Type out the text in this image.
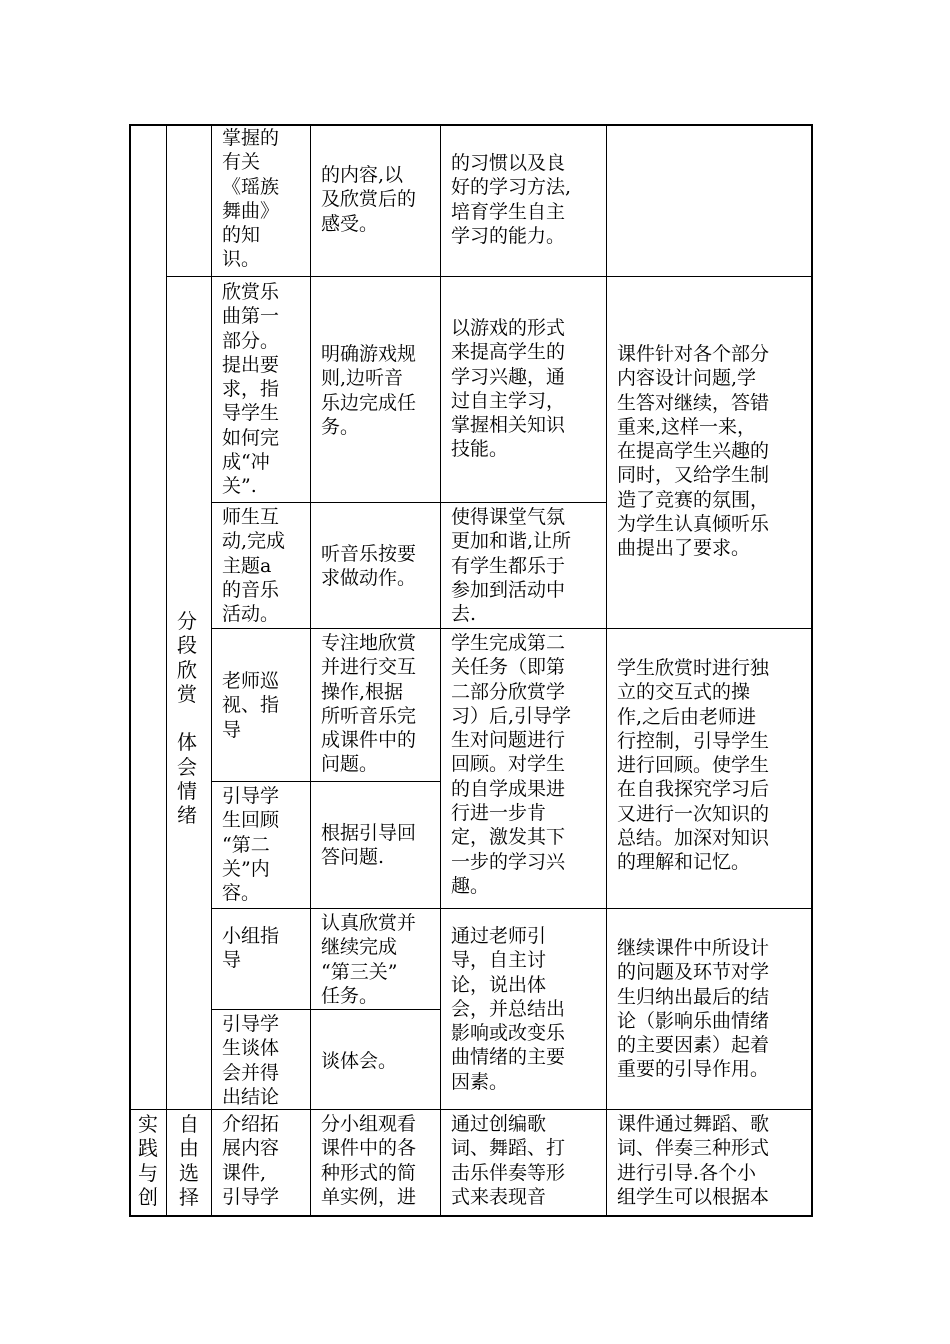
掌握的
有关
《瑶族
舞曲》
的知
识。
的内容,以
及欣赏后的
感受。
的习惯以及良
好的学习方法,
培育学生自主
学习的能力。
分
段
欣
赏

体
会
情
绪
欣赏乐
曲第一
部分。
提出要
求，指
导学生
如何完
成“冲
关”.
明确游戏规
则,边听音
乐边完成任
务。
以游戏的形式
来提高学生的
学习兴趣，通
过自主学习，
掌握相关知识
技能。
课件针对各个部分
内容设计问题,学
生答对继续，答错
重来,这样一来，
在提高学生兴趣的
同时，又给学生制
造了竞赛的氛围，
为学生认真倾听乐
曲提出了要求。
师生互
动,完成
主题a
的音乐
活动。
听音乐按要
求做动作。
使得课堂气氛
更加和谐,让所
有学生都乐于
参加到活动中
去.
老师巡
视、指
导
专注地欣赏
并进行交互
操作,根据
所听音乐完
成课件中的
问题。
学生完成第二
关任务（即第
二部分欣赏学
习）后,引导学
生对问题进行
回顾。对学生
的自学成果进
行进一步肯
定，激发其下
一步的学习兴
趣。
学生欣赏时进行独
立的交互式的操
作,之后由老师进
行控制，引导学生
进行回顾。使学生
在自我探究学习后
又进行一次知识的
总结。加深对知识
的理解和记忆。
引导学
生回顾
“第二
关”内
容。
根据引导回
答问题.
小组指
导
认真欣赏并
继续完成
“第三关”
任务。
通过老师引
导，自主讨
论，说出体
会，并总结出
影响或改变乐
曲情绪的主要
因素。
继续课件中所设计
的问题及环节对学
生归纳出最后的结
论（影响乐曲情绪
的主要因素）起着
重要的引导作用。
引导学
生谈体
会并得
出结论
谈体会。
实
践
与
创
自
由
选
择
介绍拓
展内容
课件,
引导学
分小组观看
课件中的各
种形式的简
单实例，进
通过创编歌
词、舞蹈、打
击乐伴奏等形
式来表现音
课件通过舞蹈、歌
词、伴奏三种形式
进行引导.各个小
组学生可以根据本
